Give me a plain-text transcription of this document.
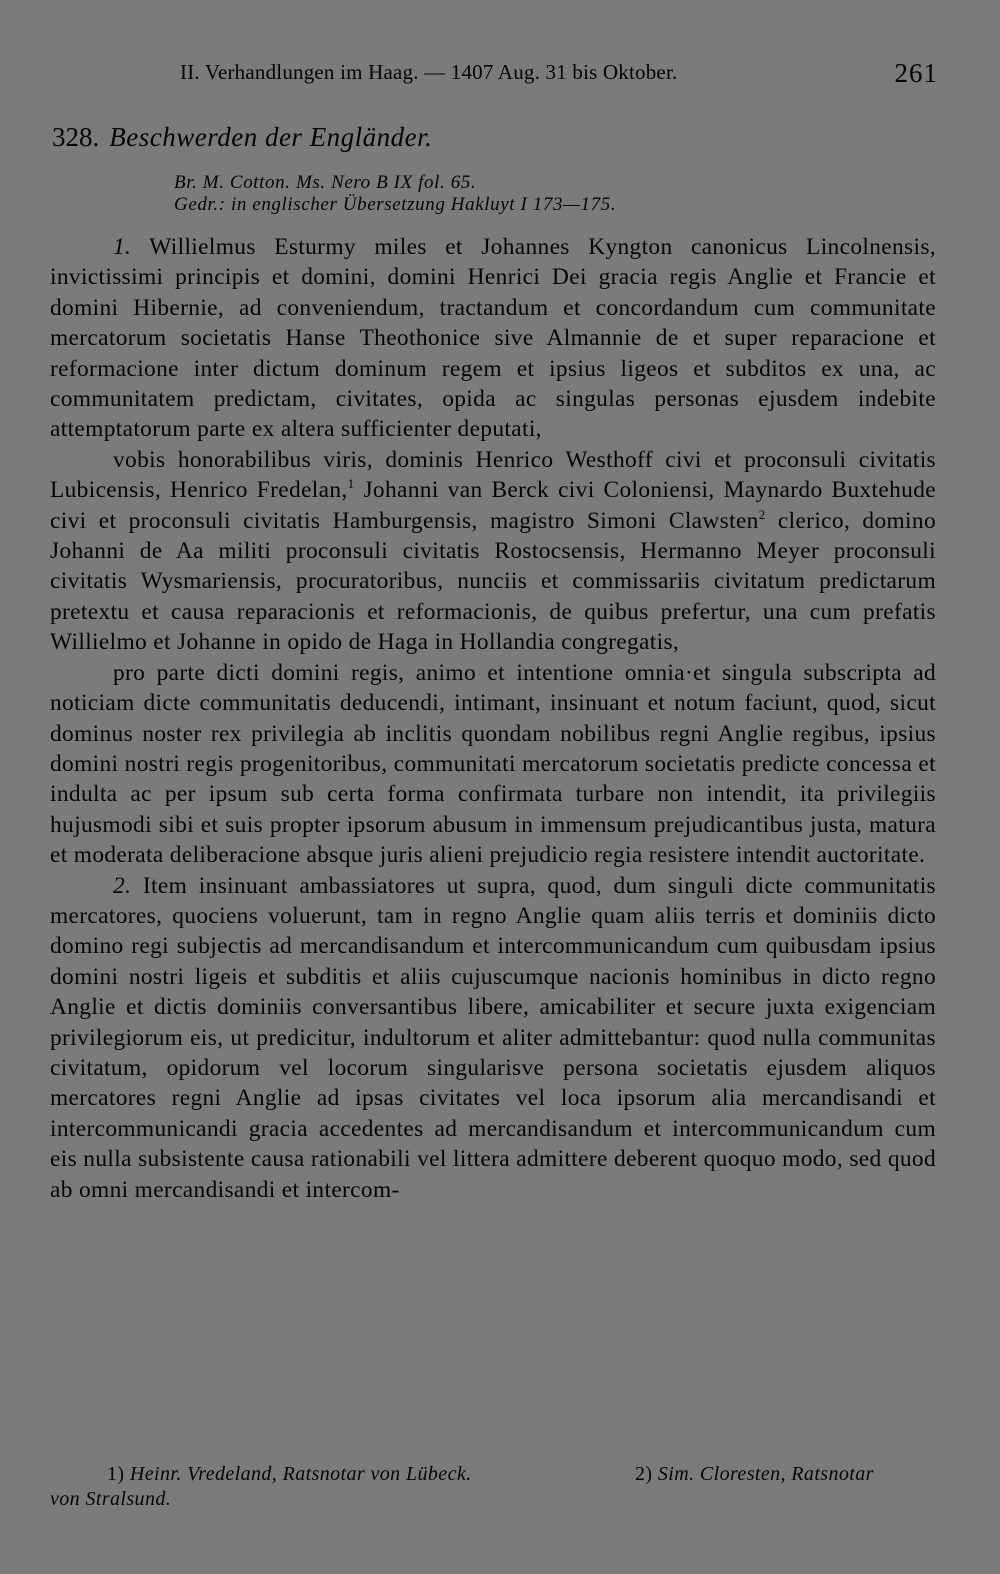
II. Verhandlungen im Haag. — 1407 Aug. 31 bis Oktober.	261
328. Beschwerden der Engländer.
Br. M. Cotton. Ms. Nero B IX fol. 65.
Gedr.: in englischer Übersetzung Hakluyt I 173—175.

1. Willielmus Esturmy miles et Johannes Kyngton canonicus Lincolnensis, invictissimi principis et domini, domini Henrici Dei gracia regis Anglie et Francie et domini Hibernie, ad conveniendum, tractandum et concordandum cum communitate mercatorum societatis Hanse Theothonice sive Almannie de et super reparacione et reformacione inter dictum dominum regem et ipsius ligeos et subditos ex una, ac communitatem predictam, civitates, opida ac singulas personas ejusdem indebite attemptatorum parte ex altera sufficienter deputati,

vobis honorabilibus viris, dominis Henrico Westhoff civi et proconsuli civitatis Lubicensis, Henrico Fredelan,$^1$ Johanni van Berck civi Coloniensi, Maynardo Buxtehude civi et proconsuli civitatis Hamburgensis, magistro Simoni Clawsten$^2$ clerico, domino Johanni de Aa militi proconsuli civitatis Rostocsensis, Hermanno Meyer proconsuli civitatis Wysmariensis, procuratoribus, nunciis et commissariis civitatum predictarum pretextu et causa reparacionis et reformacionis, de quibus prefertur, una cum prefatis Willielmo et Johanne in opido de Haga in Hollandia congregatis,

pro parte dicti domini regis, animo et intentione omnia·et singula subscripta ad noticiam dicte communitatis deducendi, intimant, insinuant et notum faciunt, quod, sicut dominus noster rex privilegia ab inclitis quondam nobilibus regni Anglie regibus, ipsius domini nostri regis progenitoribus, communitati mercatorum societatis predicte concessa et indulta ac per ipsum sub certa forma confirmata turbare non intendit, ita privilegiis hujusmodi sibi et suis propter ipsorum abusum in immensum prejudicantibus justa, matura et moderata deliberacione absque juris alieni prejudicio regia resistere intendit auctoritate.

2. Item insinuant ambassiatores ut supra, quod, dum singuli dicte communitatis mercatores, quociens voluerunt, tam in regno Anglie quam aliis terris et dominiis dicto domino regi subjectis ad mercandisandum et intercommunicandum cum quibusdam ipsius domini nostri ligeis et subditis et aliis cujuscumque nacionis hominibus in dicto regno Anglie et dictis dominiis conversantibus libere, amicabiliter et secure juxta exigenciam privilegiorum eis, ut predicitur, indultorum et aliter admittebantur: quod nulla communitas civitatum, opidorum vel locorum singularisve persona societatis ejusdem aliquos mercatores regni Anglie ad ipsas civitates vel loca ipsorum alia mercandisandi et intercommunicandi gracia accedentes ad mercandisandum et intercommunicandum cum eis nulla subsistente causa rationabili vel littera admittere deberent quoquo modo, sed quod ab omni mercandisandi et intercom-

1) Heinr. Vredeland, Ratsnotar von Lübeck.	2) Sim. Cloresten, Ratsnotar
von Stralsund.
